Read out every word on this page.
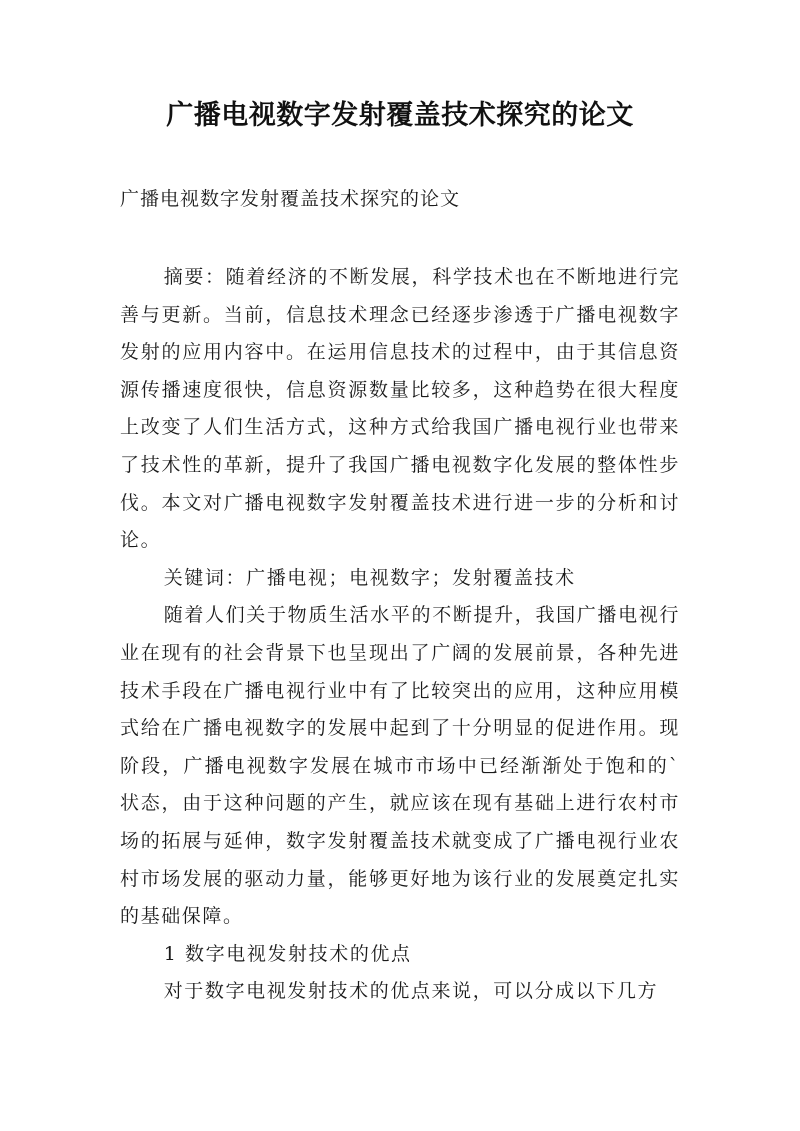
广播电视数字发射覆盖技术探究的论文
广播电视数字发射覆盖技术探究的论文

摘要：随着经济的不断发展，科学技术也在不断地进行完善与更新。当前，信息技术理念已经逐步渗透于广播电视数字发射的应用内容中。在运用信息技术的过程中，由于其信息资源传播速度很快，信息资源数量比较多，这种趋势在很大程度上改变了人们生活方式，这种方式给我国广播电视行业也带来了技术性的革新，提升了我国广播电视数字化发展的整体性步伐。本文对广播电视数字发射覆盖技术进行进一步的分析和讨论。

关键词：广播电视；电视数字；发射覆盖技术

随着人们关于物质生活水平的不断提升，我国广播电视行业在现有的社会背景下也呈现出了广阔的发展前景，各种先进技术手段在广播电视行业中有了比较突出的应用，这种应用模式给在广播电视数字的发展中起到了十分明显的促进作用。现阶段，广播电视数字发展在城市市场中已经渐渐处于饱和的`状态，由于这种问题的产生，就应该在现有基础上进行农村市场的拓展与延伸，数字发射覆盖技术就变成了广播电视行业农村市场发展的驱动力量，能够更好地为该行业的发展奠定扎实的基础保障。

1 数字电视发射技术的优点

对于数字电视发射技术的优点来说，可以分成以下几方
